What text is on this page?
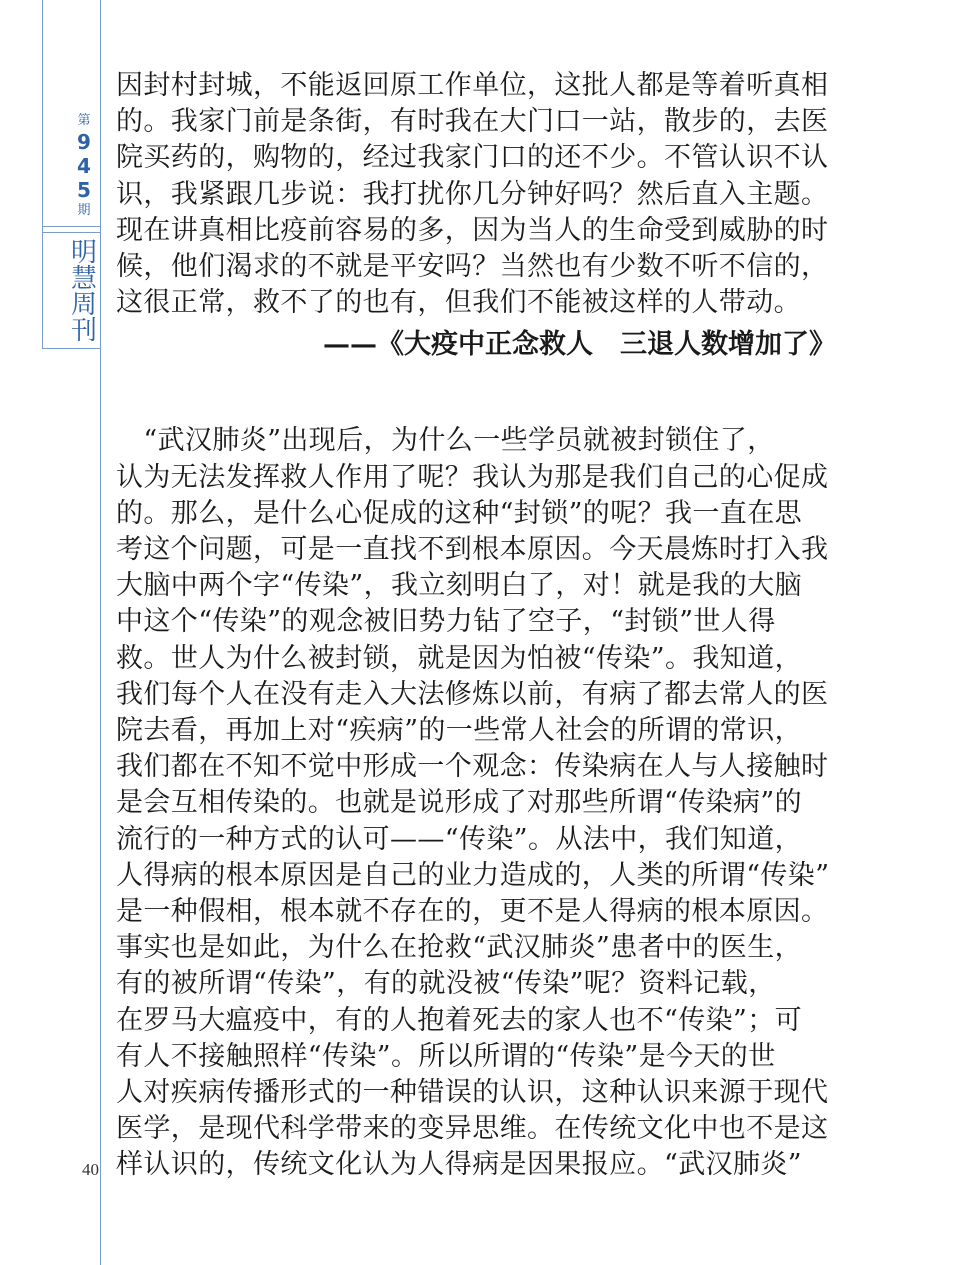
第
9
4
5
期
明
慧
周
刊
40

因封村封城，不能返回原工作单位，这批人都是等着听真相
的。我家门前是条街，有时我在大门口一站，散步的，去医
院买药的，购物的，经过我家门口的还不少。不管认识不认
识，我紧跟几步说：我打扰你几分钟好吗？然后直入主题。
现在讲真相比疫前容易的多，因为当人的生命受到威胁的时
候，他们渴求的不就是平安吗？当然也有少数不听不信的，
这很正常，救不了的也有，但我们不能被这样的人带动。

——《大疫中正念救人　三退人数增加了》

　“武汉肺炎”出现后，为什么一些学员就被封锁住了，
认为无法发挥救人作用了呢？我认为那是我们自己的心促成
的。那么，是什么心促成的这种“封锁”的呢？我一直在思
考这个问题，可是一直找不到根本原因。今天晨炼时打入我
大脑中两个字“传染”，我立刻明白了，对！就是我的大脑
中这个“传染”的观念被旧势力钻了空子，“封锁”世人得
救。世人为什么被封锁，就是因为怕被“传染”。我知道，
我们每个人在没有走入大法修炼以前，有病了都去常人的医
院去看，再加上对“疾病”的一些常人社会的所谓的常识，
我们都在不知不觉中形成一个观念：传染病在人与人接触时
是会互相传染的。也就是说形成了对那些所谓“传染病”的
流行的一种方式的认可——“传染”。从法中，我们知道，
人得病的根本原因是自己的业力造成的，人类的所谓“传染”
是一种假相，根本就不存在的，更不是人得病的根本原因。
事实也是如此，为什么在抢救“武汉肺炎”患者中的医生，
有的被所谓“传染”，有的就没被“传染”呢？资料记载，
在罗马大瘟疫中，有的人抱着死去的家人也不“传染”；可
有人不接触照样“传染”。所以所谓的“传染”是今天的世
人对疾病传播形式的一种错误的认识，这种认识来源于现代
医学，是现代科学带来的变异思维。在传统文化中也不是这
样认识的，传统文化认为人得病是因果报应。“武汉肺炎”
